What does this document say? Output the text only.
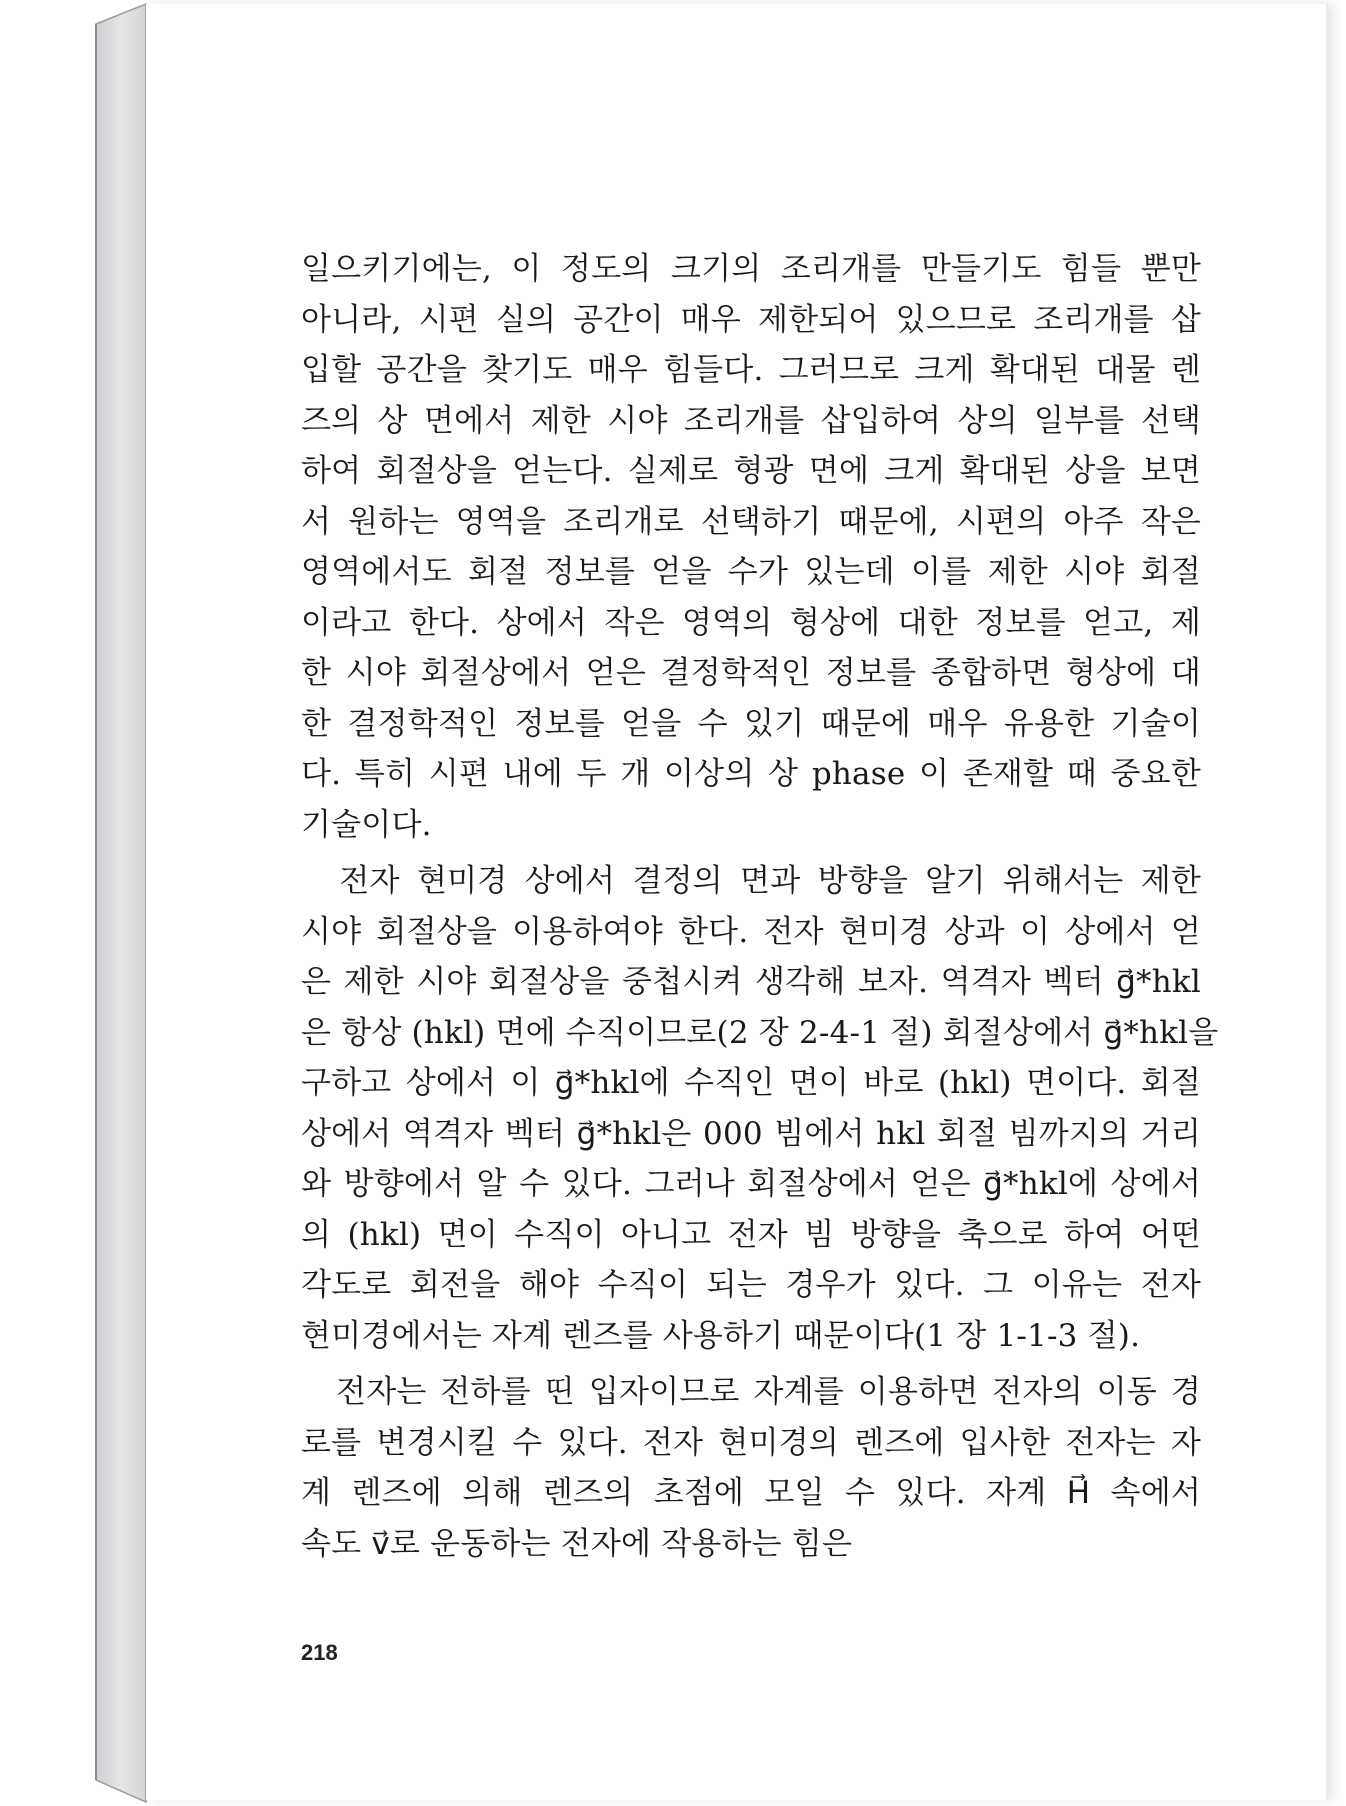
일으키기에는, 이 정도의 크기의 조리개를 만들기도 힘들 뿐만
아니라, 시편 실의 공간이 매우 제한되어 있으므로 조리개를 삽
입할 공간을 찾기도 매우 힘들다. 그러므로 크게 확대된 대물 렌
즈의 상 면에서 제한 시야 조리개를 삽입하여 상의 일부를 선택
하여 회절상을 얻는다. 실제로 형광 면에 크게 확대된 상을 보면
서 원하는 영역을 조리개로 선택하기 때문에, 시편의 아주 작은
영역에서도 회절 정보를 얻을 수가 있는데 이를 제한 시야 회절
이라고 한다. 상에서 작은 영역의 형상에 대한 정보를 얻고, 제
한 시야 회절상에서 얻은 결정학적인 정보를 종합하면 형상에 대
한 결정학적인 정보를 얻을 수 있기 때문에 매우 유용한 기술이
다. 특히 시편 내에 두 개 이상의 상 phase 이 존재할 때 중요한
기술이다.
　전자 현미경 상에서 결정의 면과 방향을 알기 위해서는 제한
시야 회절상을 이용하여야 한다. 전자 현미경 상과 이 상에서 얻
은 제한 시야 회절상을 중첩시켜 생각해 보자. 역격자 벡터 g⃗*hkl
은 항상 (hkl) 면에 수직이므로(2 장 2-4-1 절) 회절상에서 g⃗*hkl을
구하고 상에서 이 g⃗*hkl에 수직인 면이 바로 (hkl) 면이다. 회절
상에서 역격자 벡터 g⃗*hkl은 000 빔에서 hkl 회절 빔까지의 거리
와 방향에서 알 수 있다. 그러나 회절상에서 얻은 g⃗*hkl에 상에서
의 (hkl) 면이 수직이 아니고 전자 빔 방향을 축으로 하여 어떤
각도로 회전을 해야 수직이 되는 경우가 있다. 그 이유는 전자
현미경에서는 자계 렌즈를 사용하기 때문이다(1 장 1-1-3 절).
　전자는 전하를 띤 입자이므로 자계를 이용하면 전자의 이동 경
로를 변경시킬 수 있다. 전자 현미경의 렌즈에 입사한 전자는 자
계 렌즈에 의해 렌즈의 초점에 모일 수 있다. 자계 H⃗ 속에서
속도 v⃗로 운동하는 전자에 작용하는 힘은
218
